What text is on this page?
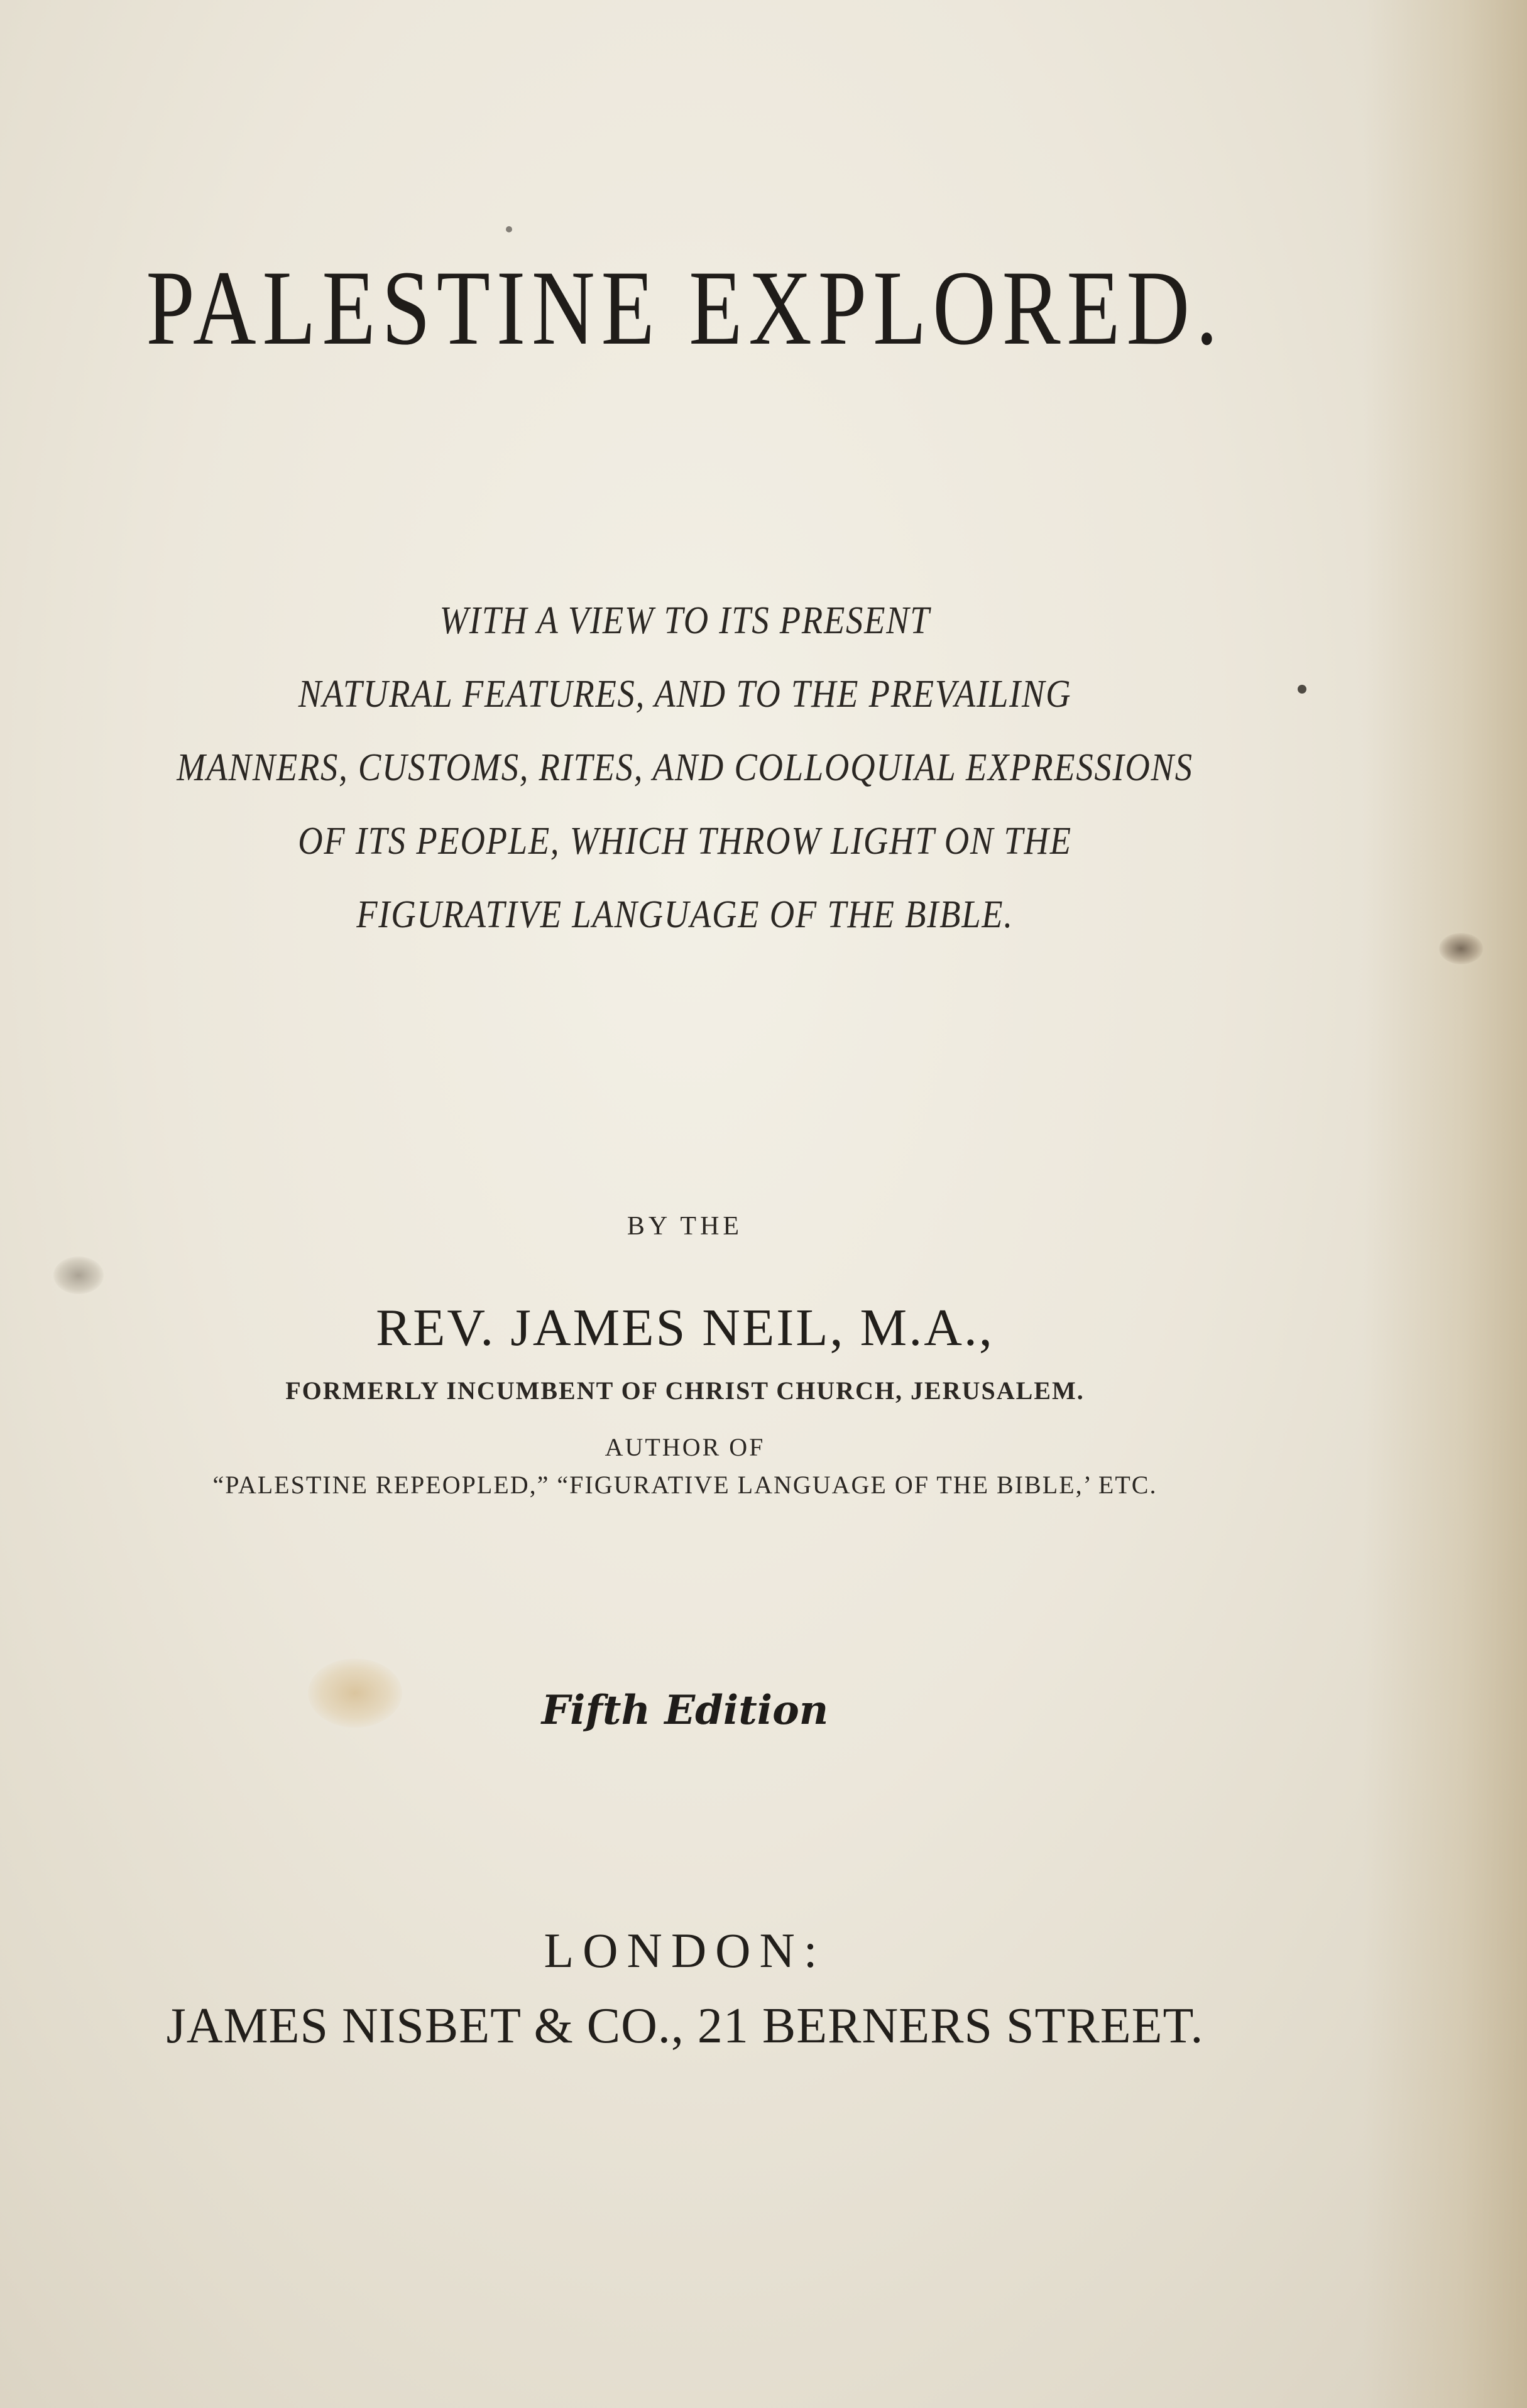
PALESTINE EXPLORED.
WITH A VIEW TO ITS PRESENT
NATURAL FEATURES, AND TO THE PREVAILING
MANNERS, CUSTOMS, RITES, AND COLLOQUIAL EXPRESSIONS
OF ITS PEOPLE, WHICH THROW LIGHT ON THE
FIGURATIVE LANGUAGE OF THE BIBLE.
BY THE
REV. JAMES NEIL, M.A.,
FORMERLY INCUMBENT OF CHRIST CHURCH, JERUSALEM.
AUTHOR OF
“PALESTINE REPEOPLED,” “FIGURATIVE LANGUAGE OF THE BIBLE,’ ETC.
Fifth Edition
LONDON:
JAMES NISBET & CO., 21 BERNERS STREET.
